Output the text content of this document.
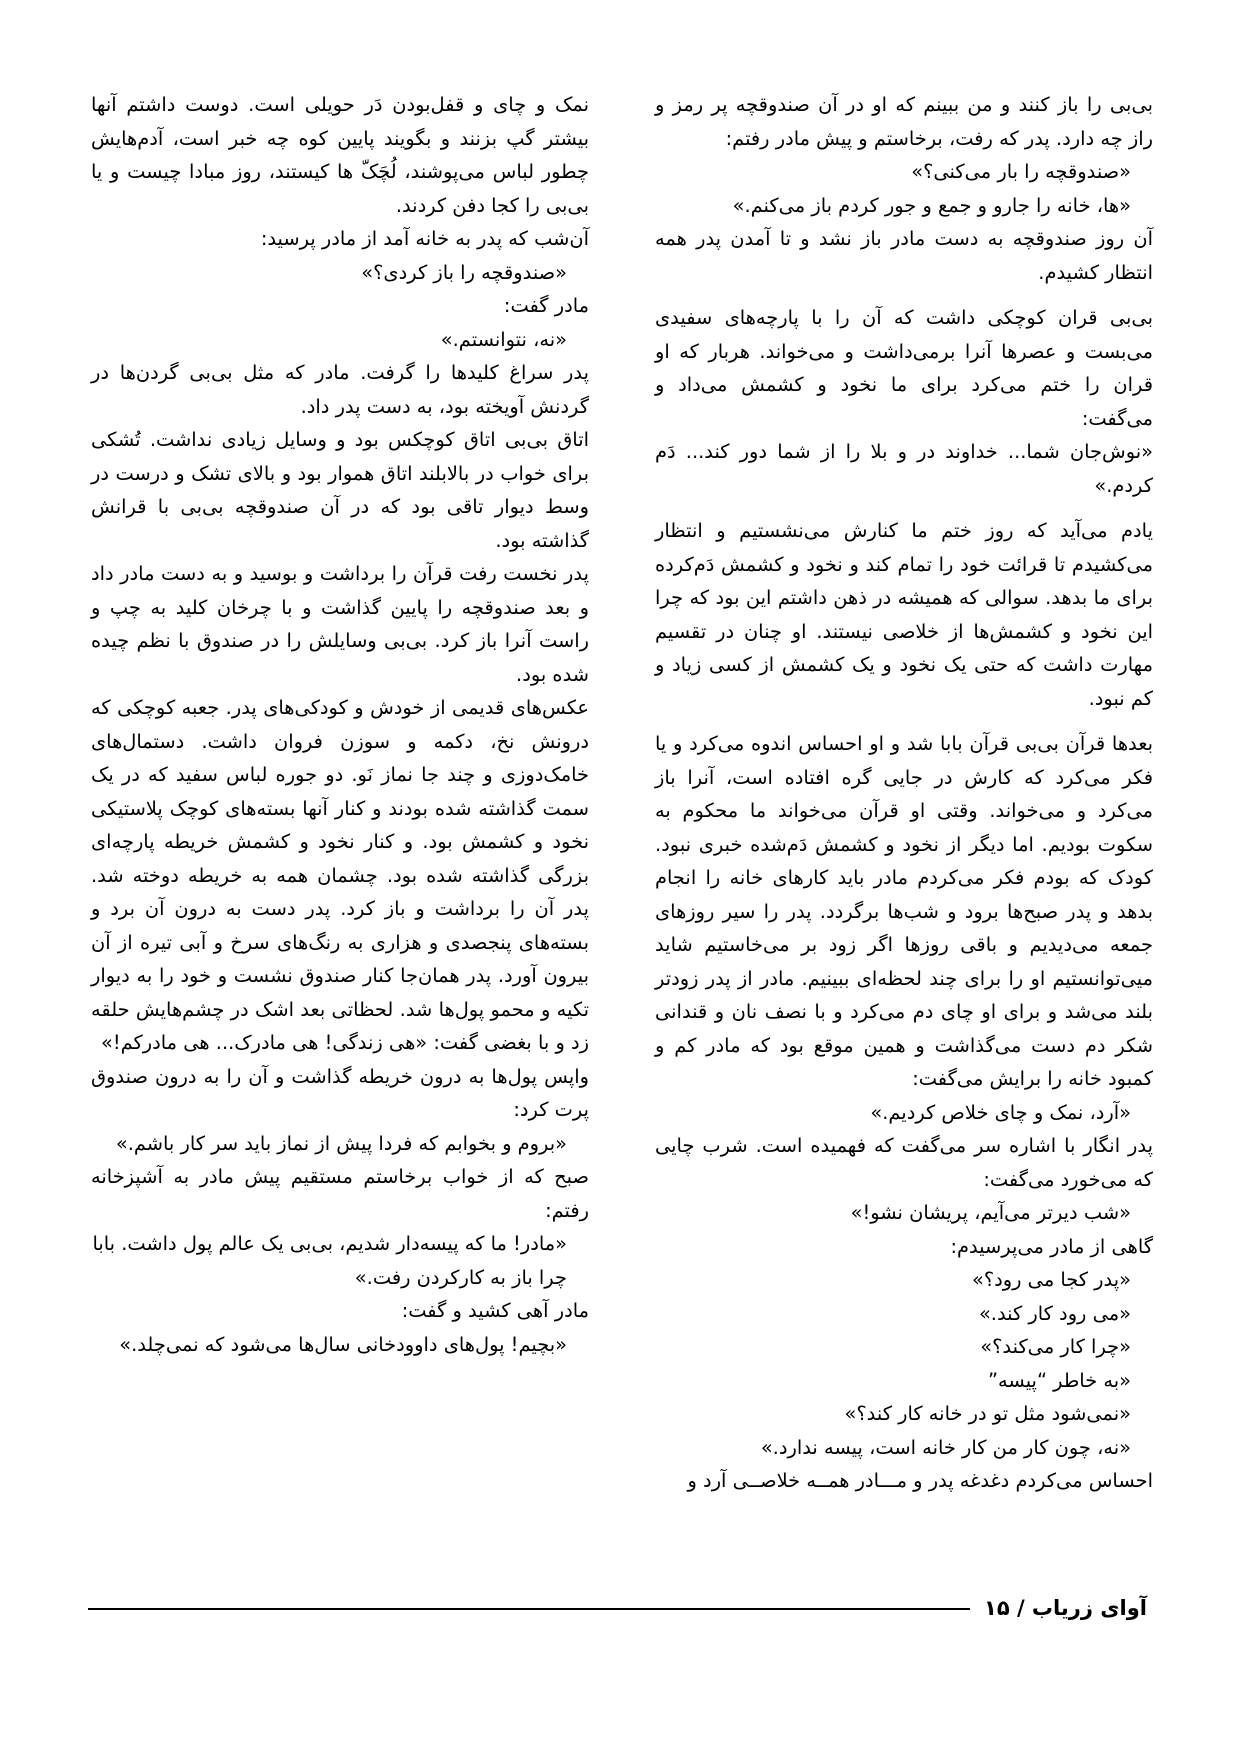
بی‌بی را باز کنند و من ببینم که او در آن صندوقچه پر رمز و راز چه دارد. پدر که رفت، برخاستم و پیش مادر رفتم:

«صندوقچه را بار می‌کنی؟»

«ها، خانه را جارو و جمع و جور کردم باز می‌کنم.»

آن روز صندوقچه به دست مادر باز نشد و تا آمدن پدر همه انتظار کشیدم.

بی‌بی قران کوچکی داشت که آن را با پارچه‌های سفیدی می‌بست و عصرها آنرا برمی‌داشت و می‌خواند. هربار که او قران را ختم می‌کرد برای ما نخود و کشمش می‌داد و می‌گفت:

«نوش‌جان شما... خداوند در و بلا را از شما دور کند... دَم کردم.»

یادم می‌آید که روز ختم ما کنارش می‌نشستیم و انتظار می‌کشیدم تا قرائت خود را تمام کند و نخود و کشمش دَم‌کرده برای ما بدهد. سوالی که همیشه در ذهن داشتم این بود که چرا این نخود و کشمش‌ها از خلاصی نیستند. او چنان در تقسیم مهارت داشت که حتی یک نخود و یک کشمش از کسی زیاد و کم نبود.

بعدها قرآن بی‌بی قرآن بابا شد و او احساس اندوه می‌کرد و یا فکر می‌کرد که کارش در جایی گره افتاده است، آنرا باز می‌کرد و می‌خواند. وقتی او قرآن می‌خواند ما محکوم به سکوت بودیم. اما دیگر از نخود و کشمش دَم‌شده خبری نبود. کودک که بودم فکر می‌کردم مادر باید کارهای خانه را انجام بدهد و پدر صبح‌ها برود و شب‌ها برگردد. پدر را سیر روزهای جمعه می‌دیدیم و باقی روزها اگر زود بر می‌خاستیم شاید میی‌توانستیم او را برای چند لحظه‌ای ببینیم. مادر از پدر زودتر بلند می‌شد و برای او چای دم می‌کرد و با نصف نان و قندانی شکر دم دست می‌گذاشت و همین موقع بود که مادر کم و کمبود خانه را برایش می‌گفت:

«آرد، نمک و چای خلاص کردیم.»

پدر انگار با اشاره سر می‌گفت که فهمیده است. شرب چایی که می‌خورد می‌گفت:

«شب دیرتر می‌آیم، پریشان نشو!»

گاهی از مادر می‌پرسیدم:

«پدر کجا می رود؟»

«می رود کار کند.»

«چرا کار می‌کند؟»

«به خاطر “پیسه”

«نمی‌شود مثل تو در خانه کار کند؟»

«نه، چون کار من کار خانه است، پیسه ندارد.»

احساس می‌کردم دغدغه پدر و مـــادر همــه خلاصــی آرد و

نمک و چای و قفل‌بودن دَر حویلی است. دوست داشتم آنها بیشتر گپ بزنند و بگویند پایین کوه چه خبر است، آدم‌هایش چطور لباس می‌پوشند، لُچَکّ ها کیستند، روز مبادا چیست و یا بی‌بی را کجا دفن کردند.

آن‌شب که پدر به خانه آمد از مادر پرسید:

«صندوقچه را باز کردی؟»

مادر گفت:

«نه، نتوانستم.»

پدر سراغ کلیدها را گرفت. مادر که مثل بی‌بی گردن‌ها در گردنش آویخته بود، به دست پدر داد.

اتاق بی‌بی اتاق کوچکس بود و وسایل زیادی نداشت. تُشکی برای خواب در بالابلند اتاق هموار بود و بالای تشک و درست در وسط دیوار تاقی بود که در آن صندوقچه بی‌بی با قرانش گذاشته بود.

پدر نخست رفت قرآن را برداشت و بوسید و به دست مادر داد و بعد صندوقچه را پایین گذاشت و با چرخان کلید به چپ و راست آنرا باز کرد. بی‌بی وسایلش را در صندوق با نظم چیده شده بود.

عکس‌های قدیمی از خودش و کودکی‌های پدر. جعبه کوچکی که درونش نخ، دکمه و سوزن فروان داشت. دستمال‌های خامک‌دوزی و چند جا نماز نَو. دو جوره لباس سفید که در یک سمت گذاشته شده بودند و کنار آنها بسته‌های کوچک پلاستیکی نخود و کشمش بود. و کنار نخود و کشمش خریطه پارچه‌ای بزرگی گذاشته شده بود. چشمان همه به خریطه دوخته شد. پدر آن را برداشت و باز کرد. پدر دست به درون آن برد و بسته‌های پنجصدی و هزاری به رنگ‌های سرخ و آبی تیره از آن بیرون آورد. پدر همان‌جا کنار صندوق نشست و خود را به دیوار تکیه و محمو پول‌ها شد. لحظاتی بعد اشک در چشم‌هایش حلقه زد و با بغضی گفت: «هی زندگی! هی مادرک... هی مادرکم!»

واپس پول‌ها به درون خریطه گذاشت و آن را به درون صندوق پرت کرد:

«بروم و بخوابم که فردا پیش از نماز باید سر کار باشم.»

صبح که از خواب برخاستم مستقیم پیش مادر به آشپزخانه رفتم:

«مادر! ما که پیسه‌دار شدیم، بی‌بی یک عالم پول داشت. بابا چرا باز به کارکردن رفت.»

مادر آهی کشید و گفت:

«بچیم! پول‌های داوودخانی سال‌ها می‌شود که نمی‌چلد.»

آوای زریاب / ۱۵
